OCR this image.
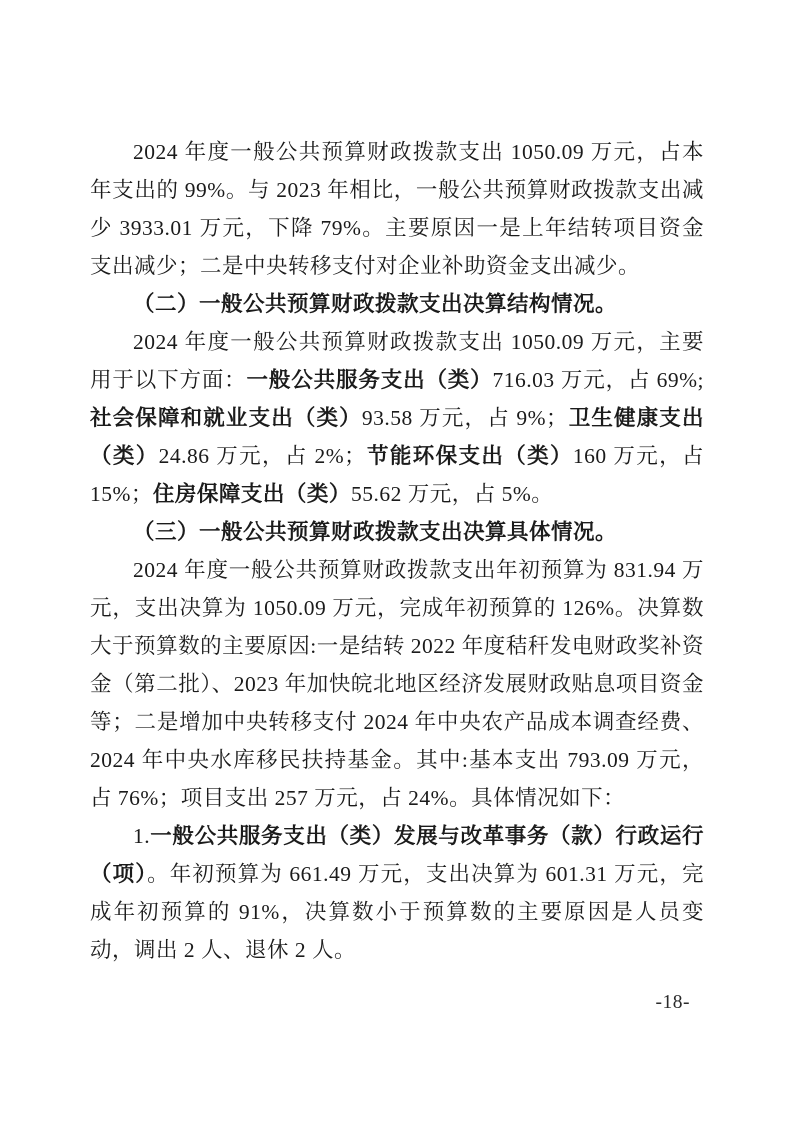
2024 年度一般公共预算财政拨款支出 1050.09 万元，占本年支出的 99%。与 2023 年相比，一般公共预算财政拨款支出减少 3933.01 万元，下降 79%。主要原因一是上年结转项目资金支出减少；二是中央转移支付对企业补助资金支出减少。

（二）一般公共预算财政拨款支出决算结构情况。

2024 年度一般公共预算财政拨款支出 1050.09 万元，主要用于以下方面：一般公共服务支出（类）716.03 万元，占 69%;社会保障和就业支出（类）93.58 万元，占 9%；卫生健康支出（类）24.86 万元，占 2%；节能环保支出（类）160 万元，占 15%；住房保障支出（类）55.62 万元，占 5%。

（三）一般公共预算财政拨款支出决算具体情况。

2024 年度一般公共预算财政拨款支出年初预算为 831.94 万元，支出决算为 1050.09 万元，完成年初预算的 126%。决算数大于预算数的主要原因:一是结转 2022 年度秸秆发电财政奖补资金（第二批）、2023 年加快皖北地区经济发展财政贴息项目资金等；二是增加中央转移支付 2024 年中央农产品成本调查经费、2024 年中央水库移民扶持基金。其中:基本支出 793.09 万元，占 76%；项目支出 257 万元，占 24%。具体情况如下：

1.一般公共服务支出（类）发展与改革事务（款）行政运行（项）。年初预算为 661.49 万元，支出决算为 601.31 万元，完成年初预算的 91%，决算数小于预算数的主要原因是人员变动，调出 2 人、退休 2 人。

-18-
